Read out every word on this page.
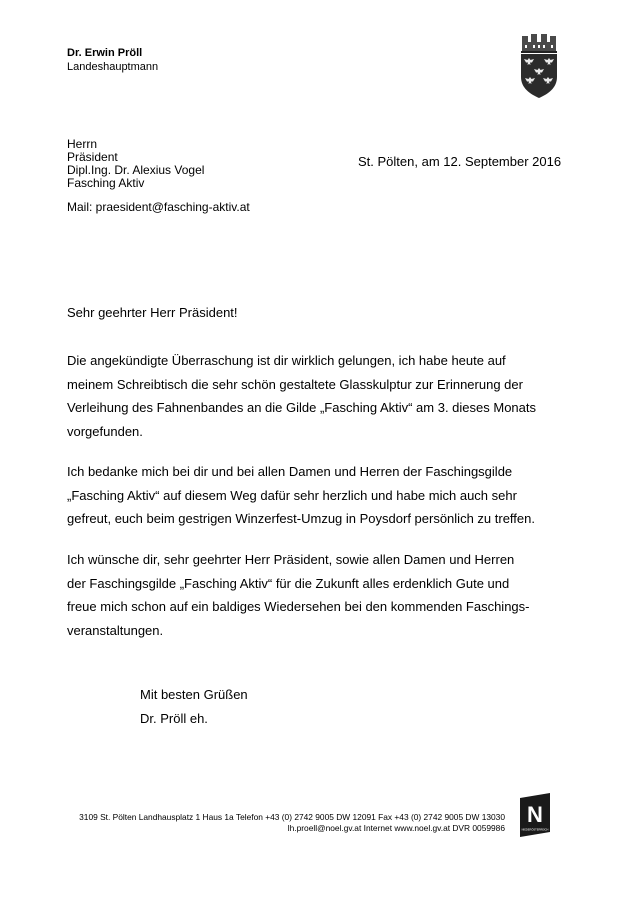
Dr. Erwin Pröll
Landeshauptmann
Herrn
Präsident
Dipl.Ing. Dr. Alexius Vogel
Fasching Aktiv
St. Pölten, am 12. September 2016
Mail: praesident@fasching-aktiv.at
Sehr geehrter Herr Präsident!
Die angekündigte Überraschung ist dir wirklich gelungen, ich habe heute auf
meinem Schreibtisch die sehr schön gestaltete Glasskulptur zur Erinnerung der
Verleihung des Fahnenbandes an die Gilde „Fasching Aktiv“ am 3. dieses Monats
vorgefunden.
Ich bedanke mich bei dir und bei allen Damen und Herren der Faschingsgilde
„Fasching Aktiv“ auf diesem Weg dafür sehr herzlich und habe mich auch sehr
gefreut, euch beim gestrigen Winzerfest-Umzug in Poysdorf persönlich zu treffen.
Ich wünsche dir, sehr geehrter Herr Präsident, sowie allen Damen und Herren
der Faschingsgilde „Fasching Aktiv“ für die Zukunft alles erdenklich Gute und
freue mich schon auf ein baldiges Wiedersehen bei den kommenden Faschings-
veranstaltungen.
Mit besten Grüßen
Dr. Pröll eh.
3109 St. Pölten Landhausplatz 1 Haus 1a Telefon +43 (0) 2742 9005 DW 12091 Fax +43 (0) 2742 9005 DW 13030
lh.proell@noel.gv.at Internet www.noel.gv.at DVR 0059986
N
NIEDERÖSTERREICH
